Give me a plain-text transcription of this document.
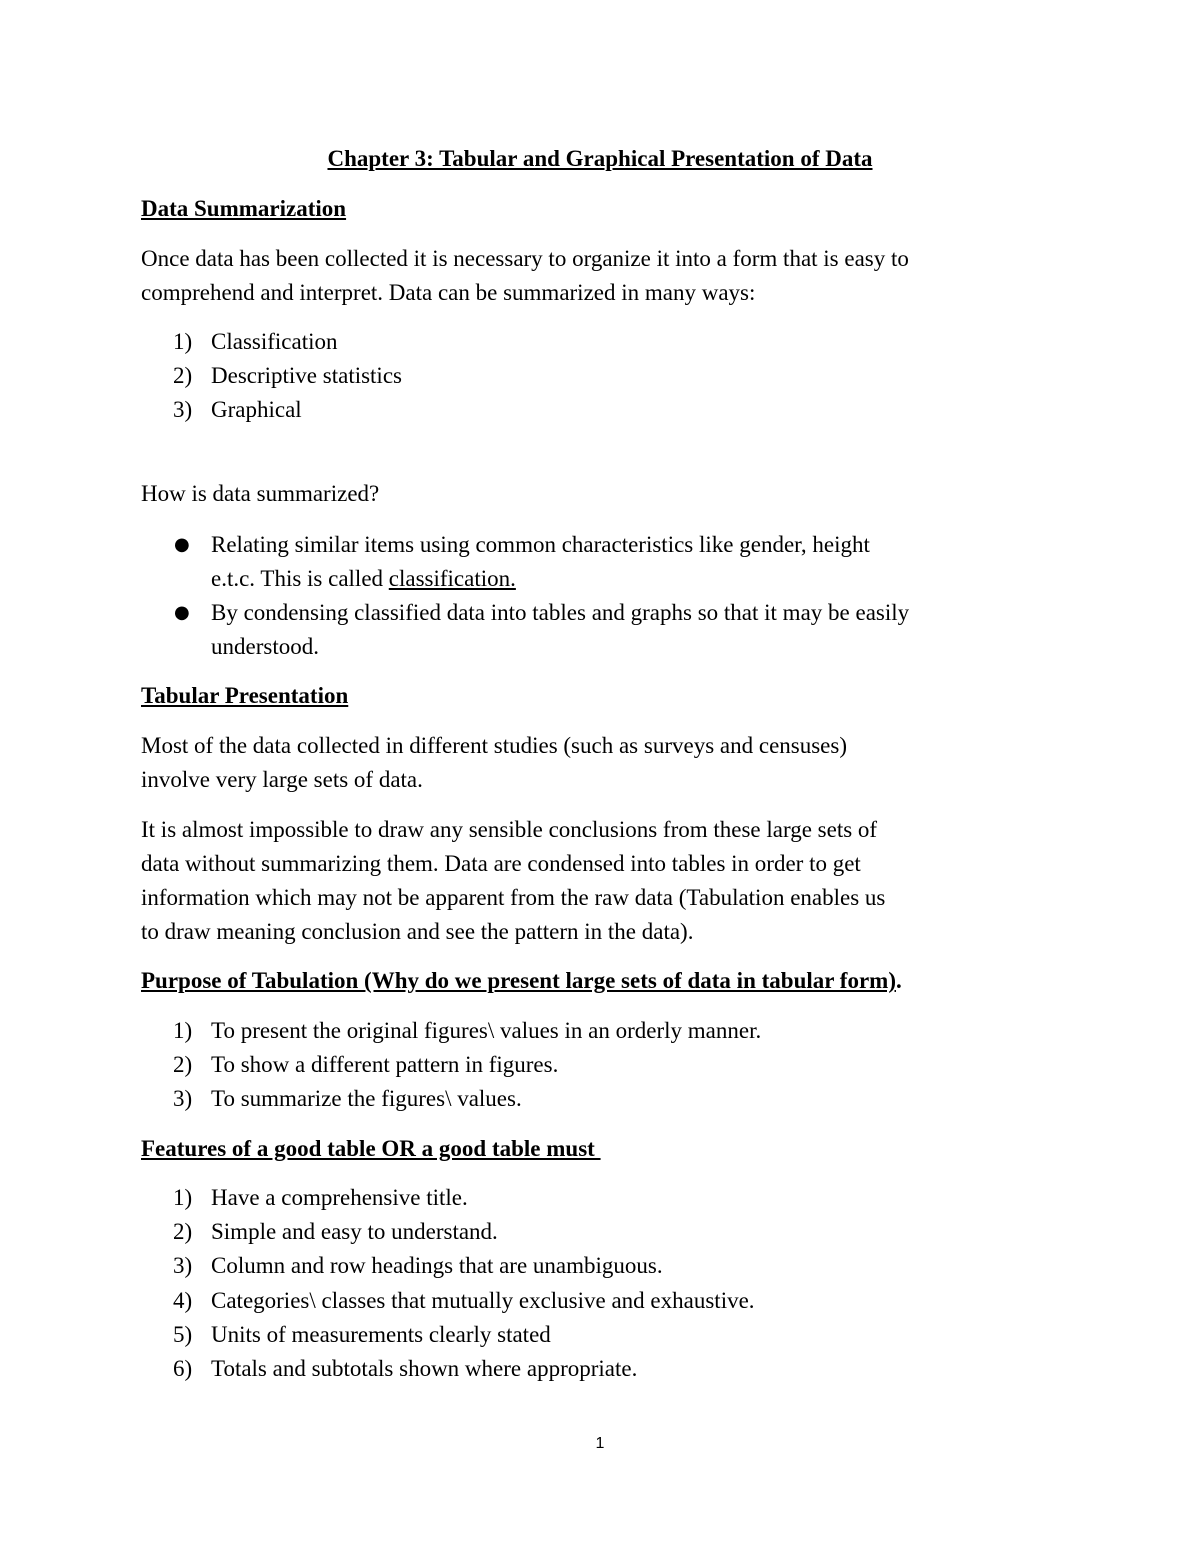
Chapter 3: Tabular and Graphical Presentation of Data
Data Summarization
Once data has been collected it is necessary to organize it into a form that is easy to
comprehend and interpret. Data can be summarized in many ways:
1) Classification
2) Descriptive statistics
3) Graphical
How is data summarized?
● Relating similar items using common characteristics like gender, height
e.t.c. This is called classification.
● By condensing classified data into tables and graphs so that it may be easily
understood.
Tabular Presentation
Most of the data collected in different studies (such as surveys and censuses)
involve very large sets of data.
It is almost impossible to draw any sensible conclusions from these large sets of
data without summarizing them. Data are condensed into tables in order to get
information which may not be apparent from the raw data (Tabulation enables us
to draw meaning conclusion and see the pattern in the data).
Purpose of Tabulation (Why do we present large sets of data in tabular form).
1) To present the original figures\ values in an orderly manner.
2) To show a different pattern in figures.
3) To summarize the figures\ values.
Features of a good table OR a good table must
1) Have a comprehensive title.
2) Simple and easy to understand.
3) Column and row headings that are unambiguous.
4) Categories\ classes that mutually exclusive and exhaustive.
5) Units of measurements clearly stated
6) Totals and subtotals shown where appropriate.
1
